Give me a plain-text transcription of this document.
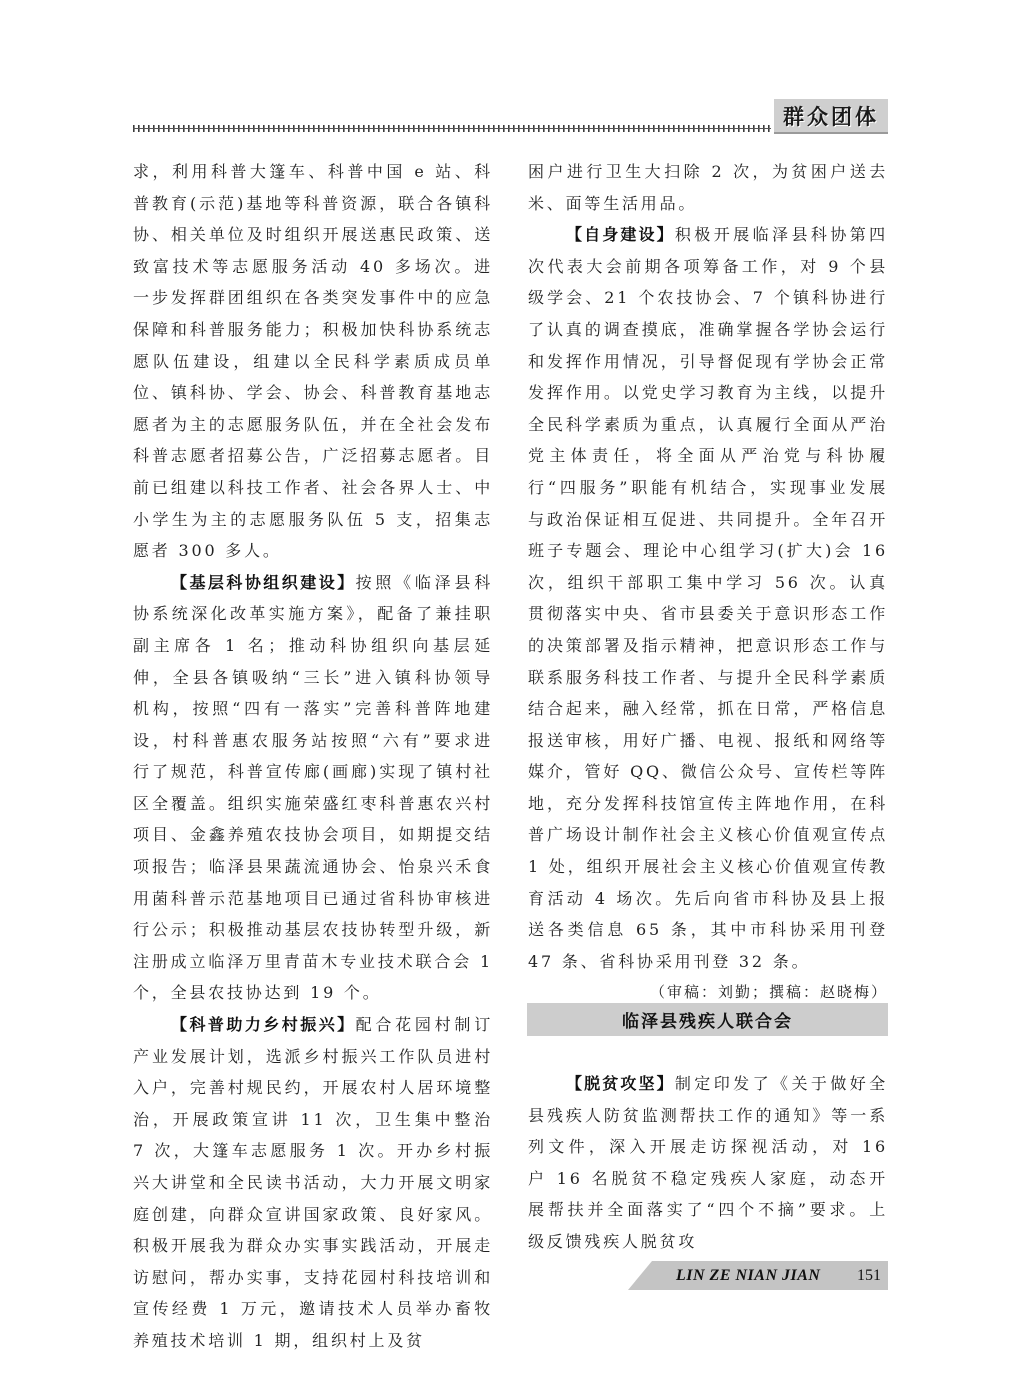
群众团体

求，利用科普大篷车、科普中国 e 站、科普教育(示范)基地等科普资源，联合各镇科协、相关单位及时组织开展送惠民政策、送致富技术等志愿服务活动 40 多场次。进一步发挥群团组织在各类突发事件中的应急保障和科普服务能力；积极加快科协系统志愿队伍建设，组建以全民科学素质成员单位、镇科协、学会、协会、科普教育基地志愿者为主的志愿服务队伍，并在全社会发布科普志愿者招募公告，广泛招募志愿者。目前已组建以科技工作者、社会各界人士、中小学生为主的志愿服务队伍 5 支，招集志愿者 300 多人。

【基层科协组织建设】按照《临泽县科协系统深化改革实施方案》，配备了兼挂职副主席各 1 名；推动科协组织向基层延伸，全县各镇吸纳“三长”进入镇科协领导机构，按照“四有一落实”完善科普阵地建设，村科普惠农服务站按照“六有”要求进行了规范，科普宣传廊(画廊)实现了镇村社区全覆盖。组织实施荣盛红枣科普惠农兴村项目、金鑫养殖农技协会项目，如期提交结项报告；临泽县果蔬流通协会、怡泉兴禾食用菌科普示范基地项目已通过省科协审核进行公示；积极推动基层农技协转型升级，新注册成立临泽万里青苗木专业技术联合会 1 个，全县农技协达到 19 个。

【科普助力乡村振兴】配合花园村制订产业发展计划，选派乡村振兴工作队员进村入户，完善村规民约，开展农村人居环境整治，开展政策宣讲 11 次，卫生集中整治 7 次，大篷车志愿服务 1 次。开办乡村振兴大讲堂和全民读书活动，大力开展文明家庭创建，向群众宣讲国家政策、良好家风。积极开展我为群众办实事实践活动，开展走访慰问，帮办实事，支持花园村科技培训和宣传经费 1 万元，邀请技术人员举办畜牧养殖技术培训 1 期，组织村上及贫

困户进行卫生大扫除 2 次，为贫困户送去米、面等生活用品。

【自身建设】积极开展临泽县科协第四次代表大会前期各项筹备工作，对 9 个县级学会、21 个农技协会、7 个镇科协进行了认真的调查摸底，准确掌握各学协会运行和发挥作用情况，引导督促现有学协会正常发挥作用。以党史学习教育为主线，以提升全民科学素质为重点，认真履行全面从严治党主体责任，将全面从严治党与科协履行“四服务”职能有机结合，实现事业发展与政治保证相互促进、共同提升。全年召开班子专题会、理论中心组学习(扩大)会 16 次，组织干部职工集中学习 56 次。认真贯彻落实中央、省市县委关于意识形态工作的决策部署及指示精神，把意识形态工作与联系服务科技工作者、与提升全民科学素质结合起来，融入经常，抓在日常，严格信息报送审核，用好广播、电视、报纸和网络等媒介，管好 QQ、微信公众号、宣传栏等阵地，充分发挥科技馆宣传主阵地作用，在科普广场设计制作社会主义核心价值观宣传点 1 处，组织开展社会主义核心价值观宣传教育活动 4 场次。先后向省市科协及县上报送各类信息 65 条，其中市科协采用刊登 47 条、省科协采用刊登 32 条。

（审稿：刘勤；撰稿：赵晓梅）

临泽县残疾人联合会

【脱贫攻坚】制定印发了《关于做好全县残疾人防贫监测帮扶工作的通知》等一系列文件，深入开展走访探视活动，对 16 户 16 名脱贫不稳定残疾人家庭，动态开展帮扶并全面落实了“四个不摘”要求。上级反馈残疾人脱贫攻

LIN ZE NIAN JIAN 151
